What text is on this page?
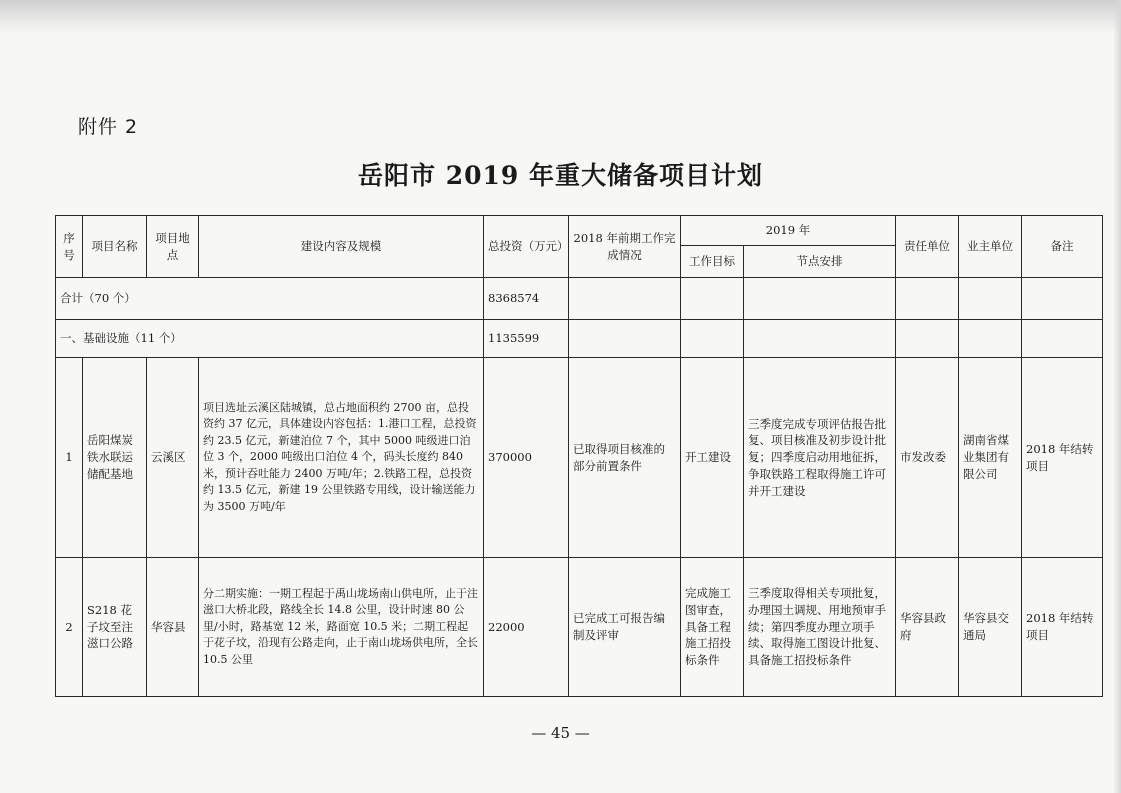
附件 2
岳阳市 2019 年重大储备项目计划
序号	项目名称	项目地点	建设内容及规模	总投资（万元）	2018 年前期工作完成情况	2019 年		责任单位	业主单位	备注
						工作目标	节点安排			
合计（70 个）				8368574						
一、基础设施（11 个）				1135599						
1	岳阳煤炭铁水联运储配基地	云溪区	项目选址云溪区陆城镇，总占地面积约 2700 亩，总投资约 37 亿元，具体建设内容包括：1.港口工程，总投资约 23.5 亿元，新建泊位 7 个，其中 5000 吨级进口泊位 3 个，2000 吨级出口泊位 4 个，码头长度约 840 米，预计吞吐能力 2400 万吨/年；2.铁路工程，总投资约 13.5 亿元，新建 19 公里铁路专用线，设计输送能力为 3500 万吨/年	370000	已取得项目核准的部分前置条件	开工建设	三季度完成专项评估报告批复、项目核准及初步设计批复；四季度启动用地征拆，争取铁路工程取得施工许可并开工建设	市发改委	湖南省煤业集团有限公司	2018 年结转项目
2	S218 花子坟至注滋口公路	华容县	分二期实施：一期工程起于禹山垅场南山供电所，止于注滋口大桥北段，路线全长 14.8 公里，设计时速 80 公里/小时，路基宽 12 米，路面宽 10.5 米；二期工程起于花子坟，沿现有公路走向，止于南山垅场供电所，全长 10.5 公里	22000	已完成工可报告编制及评审	完成施工图审查，具备工程施工招投标条件	三季度取得相关专项批复，办理国土调规、用地预审手续；第四季度办理立项手续、取得施工图设计批复、具备施工招投标条件	华容县政府	华容县交通局	2018 年结转项目
— 45 —
